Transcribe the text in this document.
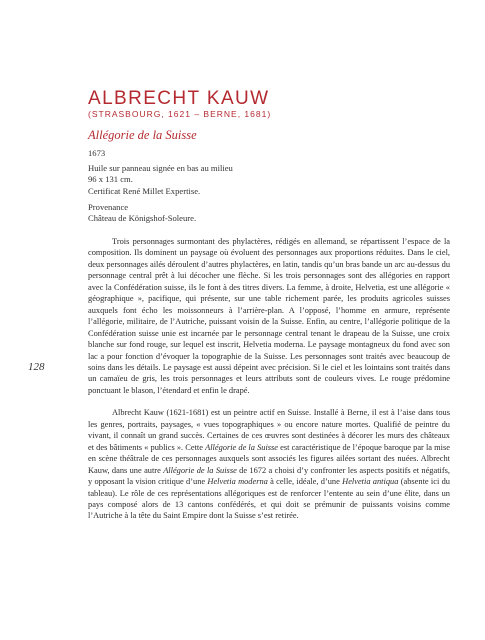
ALBRECHT KAUW
(STRASBOURG, 1621 – BERNE, 1681)
Allégorie de la Suisse
1673
Huile sur panneau signée en bas au milieu
96 x 131 cm.
Certificat René Millet Expertise.
Provenance
Château de Königshof-Soleure.
128

Trois personnages surmontant des phylactères, rédigés en allemand, se répartissent l’espace de la composition. Ils dominent un paysage où évoluent des personnages aux proportions réduites. Dans le ciel, deux personnages ailés déroulent d’autres phylactères, en latin, tandis qu’un bras bande un arc au-dessus du personnage central prêt à lui décocher une flèche. Si les trois personnages sont des allégories en rapport avec la Confédération suisse, ils le font à des titres divers. La femme, à droite, Helvetia, est une allégorie « géographique », pacifique, qui présente, sur une table richement parée, les produits agricoles suisses auxquels font écho les moissonneurs à l’arrière-plan. A l’opposé, l’homme en armure, représente l’allégorie, militaire, de l’Autriche, puissant voisin de la Suisse. Enfin, au centre, l’allégorie politique de la Confédération suisse unie est incarnée par le personnage central tenant le drapeau de la Suisse, une croix blanche sur fond rouge, sur lequel est inscrit, Helvetia moderna. Le paysage montagneux du fond avec son lac a pour fonction d’évoquer la topographie de la Suisse. Les personnages sont traités avec beaucoup de soins dans les détails. Le paysage est aussi dépeint avec précision. Si le ciel et les lointains sont traités dans un camaïeu de gris, les trois personnages et leurs attributs sont de couleurs vives. Le rouge prédomine ponctuant le blason, l’étendard et enfin le drapé.

Albrecht Kauw (1621-1681) est un peintre actif en Suisse. Installé à Berne, il est à l’aise dans tous les genres, portraits, paysages, « vues topographiques » ou encore nature mortes. Qualifié de peintre du vivant, il connaît un grand succès. Certaines de ces œuvres sont destinées à décorer les murs des châteaux et des bâtiments « publics ». Cette Allégorie de la Suisse est caractéristique de l’époque baroque par la mise en scène théâtrale de ces personnages auxquels sont associés les figures ailées sortant des nuées. Albrecht Kauw, dans une autre Allégorie de la Suisse de 1672 a choisi d’y confronter les aspects positifs et négatifs, y opposant la vision critique d’une Helvetia moderna à celle, idéale, d’une Helvetia antiqua (absente ici du tableau). Le rôle de ces représentations allégoriques est de renforcer l’entente au sein d’une élite, dans un pays composé alors de 13 cantons confédérés, et qui doit se prémunir de puissants voisins comme l’Autriche à la tête du Saint Empire dont la Suisse s’est retirée.
